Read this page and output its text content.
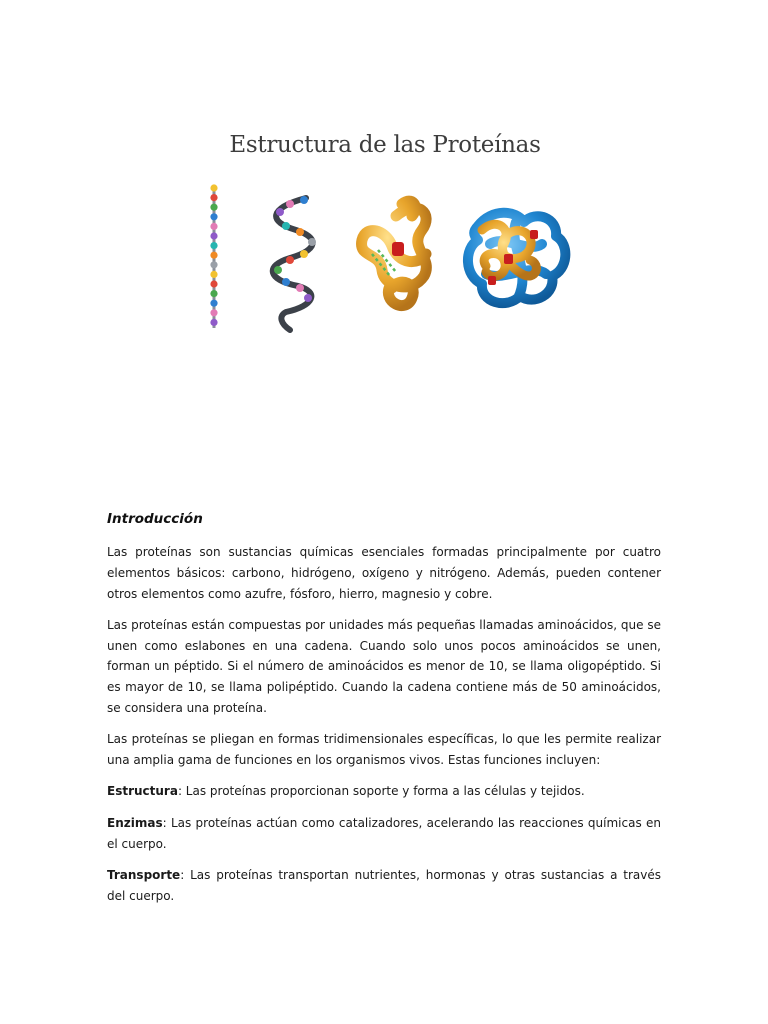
Estructura de las Proteínas
Introducción

Las proteínas son sustancias químicas esenciales formadas principalmente por cuatro elementos básicos: carbono, hidrógeno, oxígeno y nitrógeno. Además, pueden contener otros elementos como azufre, fósforo, hierro, magnesio y cobre.

Las proteínas están compuestas por unidades más pequeñas llamadas aminoácidos, que se unen como eslabones en una cadena. Cuando solo unos pocos aminoácidos se unen, forman un péptido. Si el número de aminoácidos es menor de 10, se llama oligopéptido. Si es mayor de 10, se llama polipéptido. Cuando la cadena contiene más de 50 aminoácidos, se considera una proteína.

Las proteínas se pliegan en formas tridimensionales específicas, lo que les permite realizar una amplia gama de funciones en los organismos vivos. Estas funciones incluyen:

Estructura: Las proteínas proporcionan soporte y forma a las células y tejidos.

Enzimas: Las proteínas actúan como catalizadores, acelerando las reacciones químicas en el cuerpo.

Transporte: Las proteínas transportan nutrientes, hormonas y otras sustancias a través del cuerpo.
